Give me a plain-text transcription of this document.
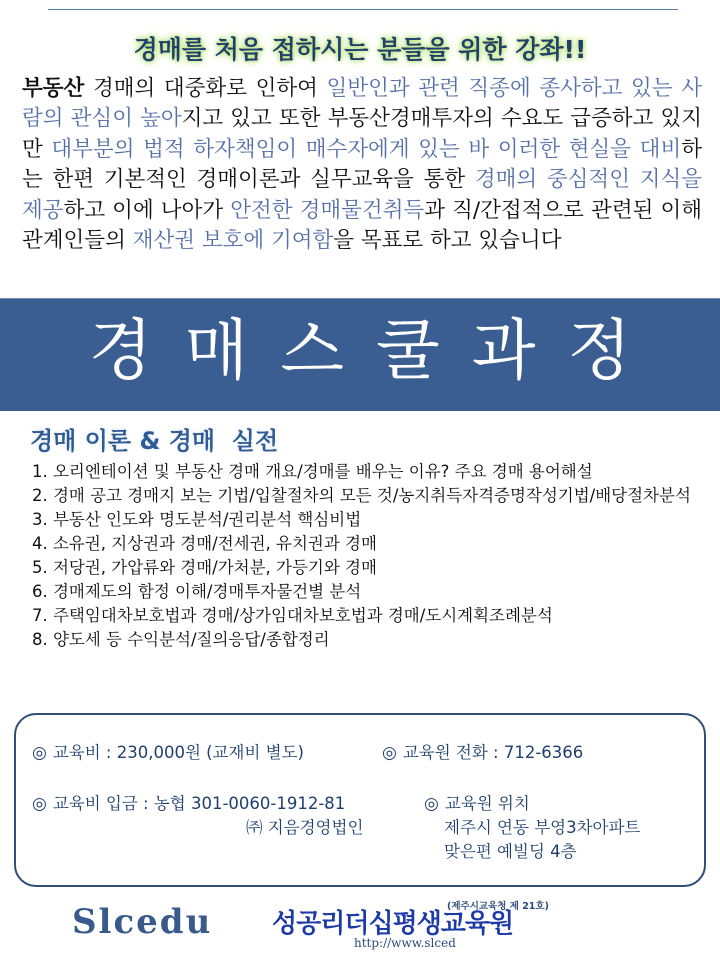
경매를 처음 접하시는 분들을 위한 강좌!!
부동산 경매의 대중화로 인하여 일반인과 관련 직종에 종사하고 있는 사람의 관심이 높아지고 있고 또한 부동산경매투자의 수요도 급증하고 있지만 대부분의 법적 하자책임이 매수자에게 있는 바 이러한 현실을 대비하는 한편 기본적인 경매이론과 실무교육을 통한 경매의 중심적인 지식을 제공하고 이에 나아가 안전한 경매물건취득과 직/간접적으로 관련된 이해관계인들의 재산권 보호에 기여함을 목표로 하고 있습니다
경매스쿨과정
경매 이론 & 경매  실전
1. 오리엔테이션 및 부동산 경매 개요/경매를 배우는 이유? 주요 경매 용어해설
2. 경매 공고 경매지 보는 기법/입찰절차의 모든 것/농지취득자격증명작성기법/배당절차분석
3. 부동산 인도와 명도분석/권리분석 핵심비법
4. 소유권, 지상권과 경매/전세권, 유치권과 경매
5. 저당권, 가압류와 경매/가처분, 가등기와 경매
6. 경매제도의 함정 이해/경매투자물건별 분석
7. 주택임대차보호법과 경매/상가임대차보호법과 경매/도시계획조례분석
8. 양도세 등 수익분석/질의응답/종합정리
◎ 교육비 : 230,000원 (교재비 별도)	◎ 교육원 전화 : 712-6366
◎ 교육비 입금 : 농협 301-0060-1912-81
㈜ 지음경영법인
◎ 교육원 위치
제주시 연동 부영3차아파트
맞은편 예빌딩 4층
(제주시교육청 제 21호)
Slcedu 성공리더십평생교육원
http://www.slced
